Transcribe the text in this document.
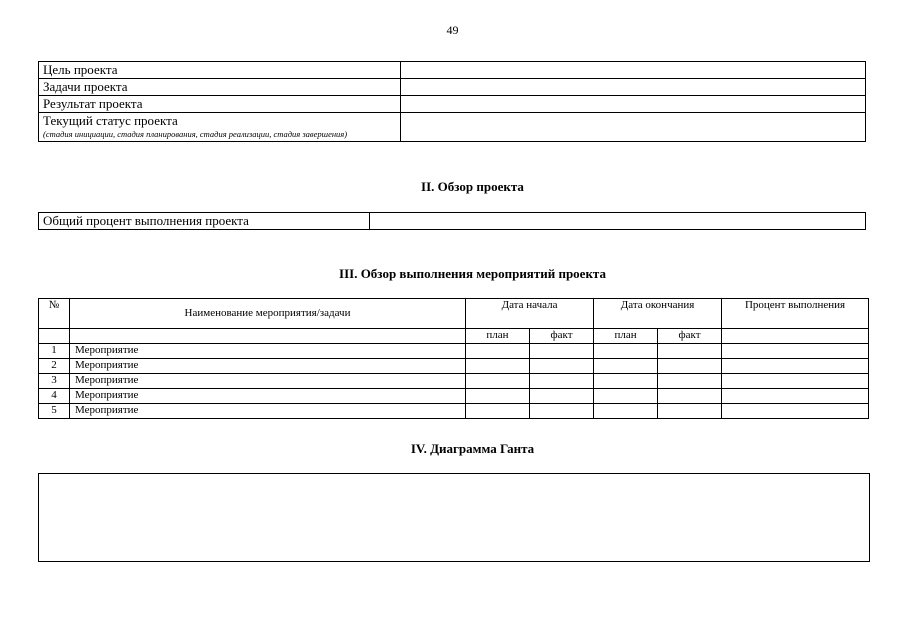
49
Цель проекта	
Задачи проекта	
Результат проекта	
Текущий статус проекта
(стадия инициации, стадия планирования, стадия реализации, стадия завершения)	

II. Обзор проекта
Общий процент выполнения проекта	
III. Обзор выполнения мероприятий проекта
№	Наименование мероприятия/задачи	Дата начала		Дата окончания		Процент выполнения
		план	факт	план	факт	
1	Мероприятие					
2	Мероприятие					
3	Мероприятие					
4	Мероприятие					
5	Мероприятие					
IV. Диаграмма Ганта
